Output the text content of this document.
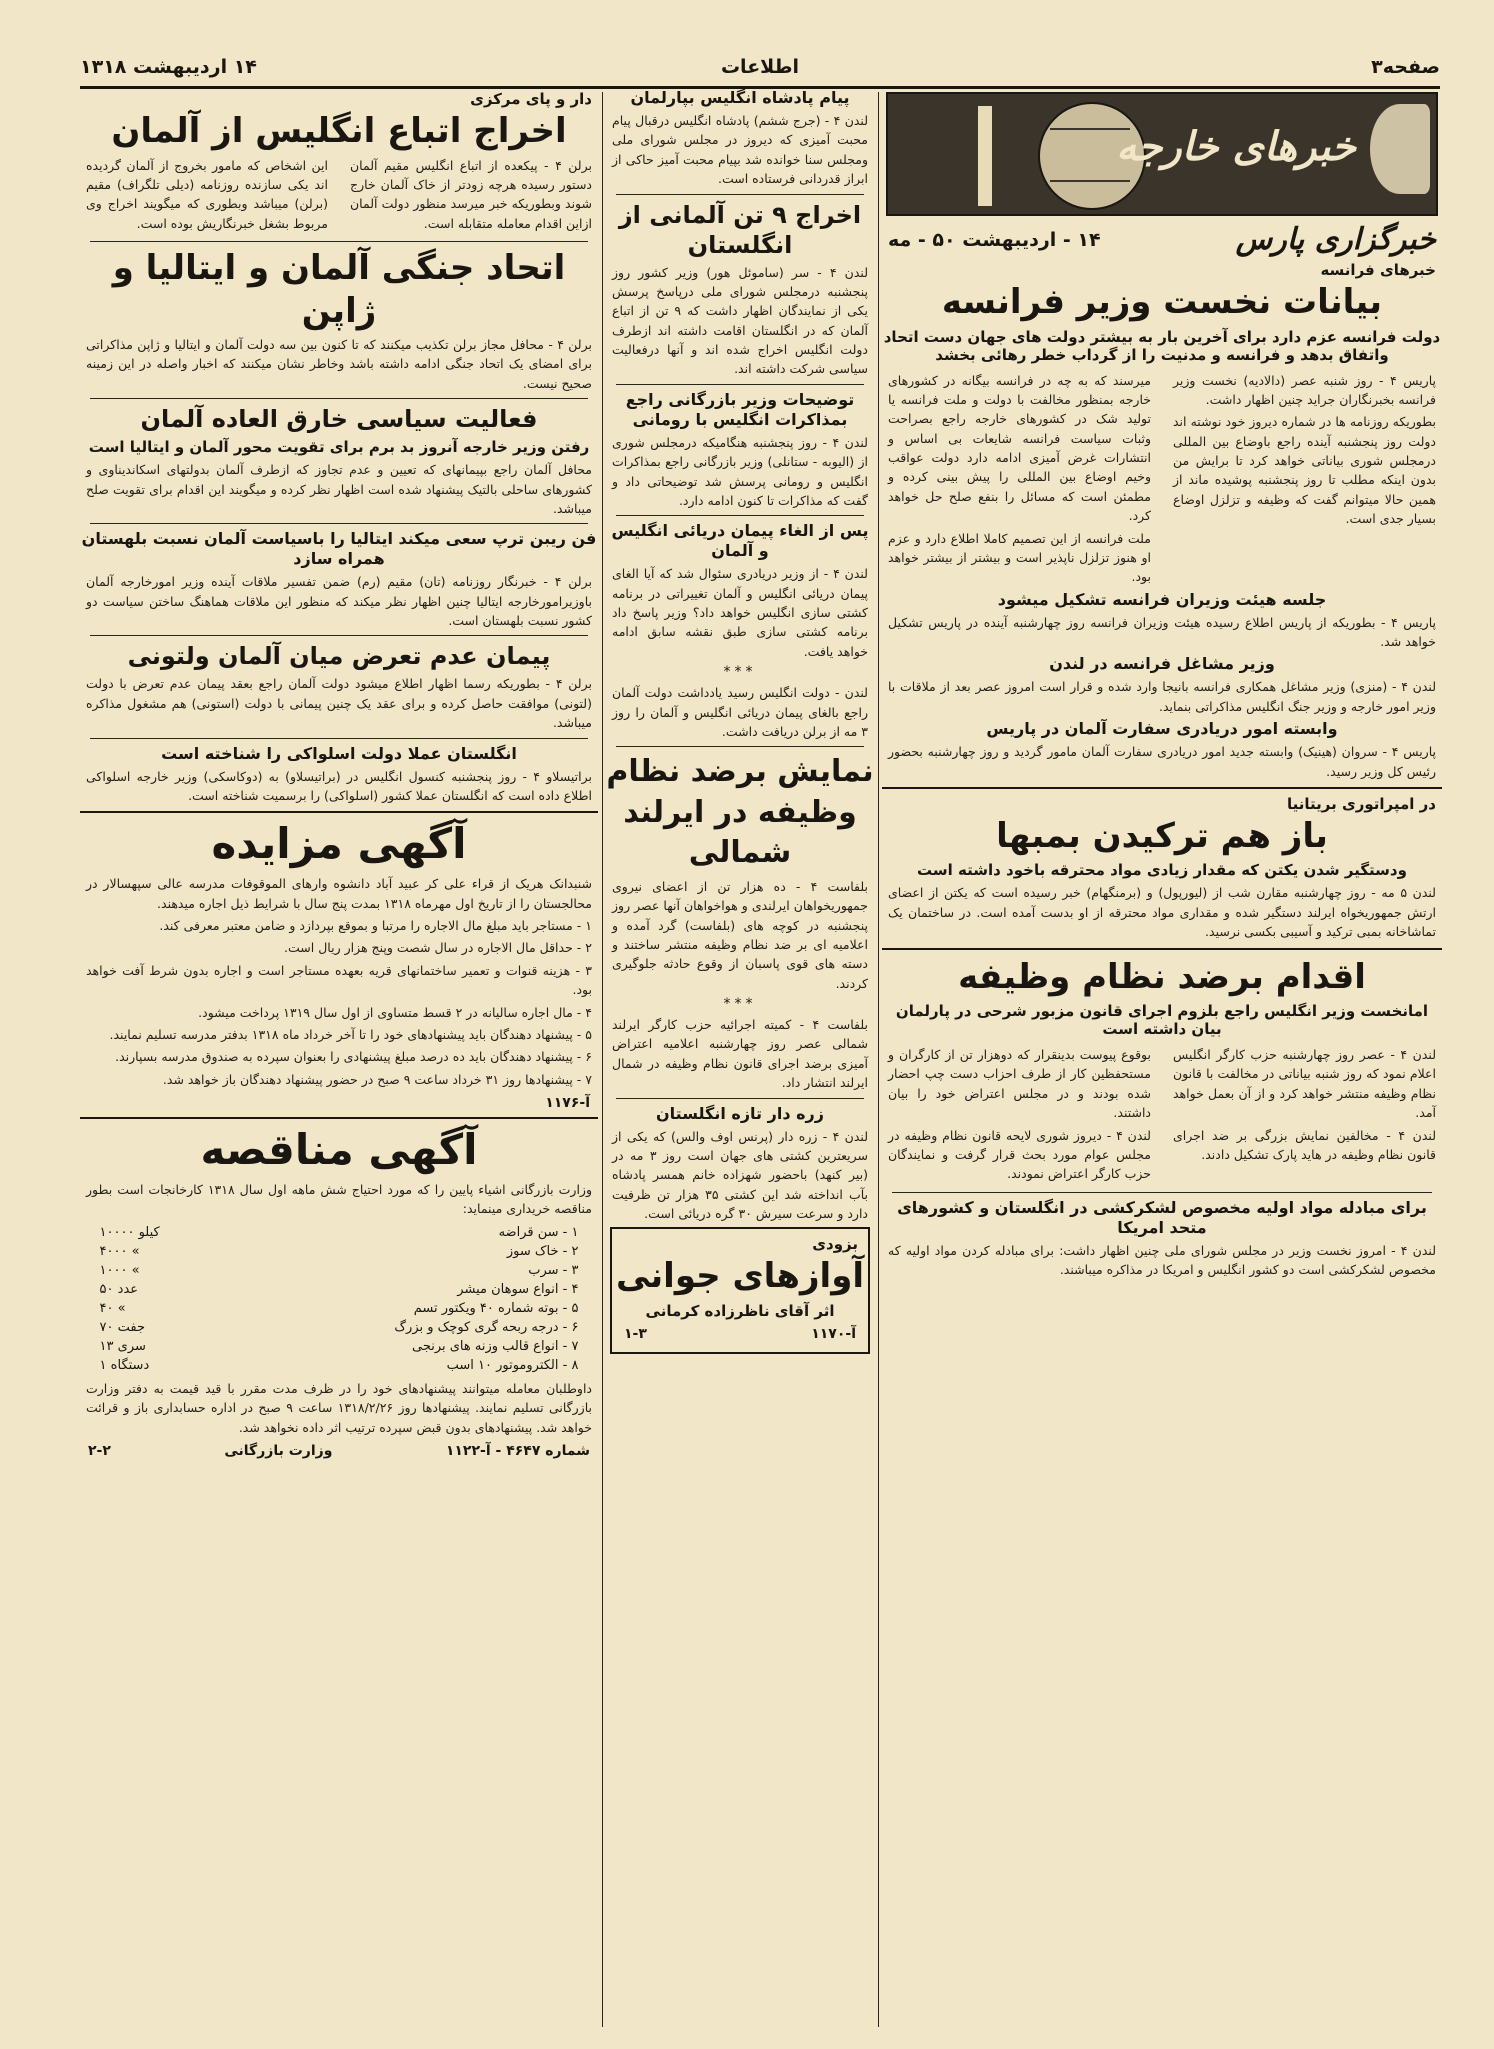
صفحه۳
اطلاعات
۱۴ اردیبهشت ۱۳۱۸
خبرهای خارجه
خبرگزاری پارس
۱۴ - اردیبهشت ۵۰ - مه
خبرهای فرانسه
بیانات نخست وزیر فرانسه
دولت فرانسه عزم دارد برای آخرین بار به بیشتر دولت های جهان دست اتحاد واتفاق بدهد و فرانسه و مدنیت را از گرداب خطر رهائی بخشد

پاریس ۴ - روز شنبه عصر (دالادیه) نخست وزیر فرانسه بخبرنگاران جراید چنین اظهار داشت.

بطوریکه روزنامه ها در شماره دیروز خود نوشته اند دولت روز پنجشنبه آینده راجع باوضاع بین المللی درمجلس شوری بیاناتی خواهد کرد تا برایش من بدون اینکه مطلب تا روز پنجشنبه پوشیده ماند از همین حالا میتوانم گفت که وظیفه و تزلزل اوضاع بسیار جدی است.

میرسند که به چه در فرانسه بیگانه در کشورهای خارجه بمنظور مخالفت با دولت و ملت فرانسه یا تولید شک در کشورهای خارجه راجع بصراحت وثبات سیاست فرانسه شایعات بی اساس و انتشارات غرض آمیزی ادامه دارد دولت عواقب وخیم اوضاع بین المللی را پیش بینی کرده و مطمئن است که مسائل را بنفع صلح حل خواهد کرد.

ملت فرانسه از این تصمیم کاملا اطلاع دارد و عزم او هنوز تزلزل ناپذیر است و بیشتر از بیشتر خواهد بود.

جلسه هیئت وزیران فرانسه تشکیل میشود

پاریس ۴ - بطوریکه از پاریس اطلاع رسیده هیئت وزیران فرانسه روز چهارشنبه آینده در پاریس تشکیل خواهد شد.

وزیر مشاغل فرانسه در لندن

لندن ۴ - (منزی) وزیر مشاغل همکاری فرانسه بانیجا وارد شده و قرار است امروز عصر بعد از ملاقات با وزیر امور خارجه و وزیر جنگ انگلیس مذاکراتی بنماید.

وابسته امور دریادری سفارت آلمان در پاریس

پاریس ۴ - سروان (هینیک) وابسته جدید امور دریادری سفارت آلمان مامور گردید و روز چهارشنبه بحضور رئیس کل وزیر رسید.

در امپراتوری بریتانیا
باز هم ترکیدن بمبها
ودستگیر شدن یکتن که مقدار زیادی مواد محترقه باخود داشته است

لندن ۵ مه - روز چهارشنبه مقارن شب از (لیورپول) و (برمنگهام) خبر رسیده است که یکتن از اعضای ارتش جمهوریخواه ایرلند دستگیر شده و مقداری مواد محترقه از او بدست آمده است. در ساختمان یک تماشاخانه بمبی ترکید و آسیبی بکسی نرسید.

اقدام برضد نظام وظیفه
امانخست وزیر انگلیس راجع بلزوم اجرای قانون مزبور شرحی در پارلمان بیان داشته است

لندن ۴ - عصر روز چهارشنبه حزب کارگر انگلیس اعلام نمود که روز شنبه بیاناتی در مخالفت با قانون نظام وظیفه منتشر خواهد کرد و از آن بعمل خواهد آمد.

لندن ۴ - مخالفین نمایش بزرگی بر ضد اجرای قانون نظام وظیفه در هاید پارک تشکیل دادند.

بوقوع پیوست بدینقرار که دوهزار تن از کارگران و مستحفظین کار از طرف احزاب دست چپ احضار شده بودند و در مجلس اعتراض خود را بیان داشتند.

لندن ۴ - دیروز شوری لایحه قانون نظام وظیفه در مجلس عوام مورد بحث قرار گرفت و نمایندگان حزب کارگر اعتراض نمودند.

برای مبادله مواد اولیه مخصوص لشکرکشی در انگلستان و کشورهای متحد امریکا

لندن ۴ - امروز نخست وزیر در مجلس شورای ملی چنین اظهار داشت: برای مبادله کردن مواد اولیه که مخصوص لشکرکشی است دو کشور انگلیس و امریکا در مذاکره میباشند.

پیام پادشاه انگلیس بپارلمان

لندن ۴ - (جرج ششم) پادشاه انگلیس درقبال پیام محبت آمیزی که دیروز در مجلس شورای ملی ومجلس سنا خوانده شد بپیام محبت آمیز حاکی از ابراز قدردانی فرستاده است.

اخراج ۹ تن آلمانی از انگلستان

لندن ۴ - سر (ساموئل هور) وزیر کشور روز پنجشنبه درمجلس شورای ملی درپاسخ پرسش یکی از نمایندگان اظهار داشت که ۹ تن از اتباع آلمان که در انگلستان اقامت داشته اند ازطرف دولت انگلیس اخراج شده اند و آنها درفعالیت سیاسی شرکت داشته اند.

توضیحات وزیر بازرگانی راجع بمذاکرات انگلیس با رومانی

لندن ۴ - روز پنجشنبه هنگامیکه درمجلس شوری از (الیوبه - ستانلی) وزیر بازرگانی راجع بمذاکرات انگلیس و رومانی پرسش شد توضیحاتی داد و گفت که مذاکرات تا کنون ادامه دارد.

پس از الغاء پیمان دریائی انگلیس و آلمان

لندن ۴ - از وزیر دریادری سئوال شد که آیا الغای پیمان دریائی انگلیس و آلمان تغییراتی در برنامه کشتی سازی انگلیس خواهد داد؟ وزیر پاسخ داد برنامه کشتی سازی طبق نقشه سابق ادامه خواهد یافت.

***

لندن - دولت انگلیس رسید یادداشت دولت آلمان راجع بالغای پیمان دریائی انگلیس و آلمان را روز ۳ مه از برلن دریافت داشت.

نمایش برضد نظام وظیفه در ایرلند شمالی

بلفاست ۴ - ده هزار تن از اعضای نیروی جمهوریخواهان ایرلندی و هواخواهان آنها عصر روز پنجشنبه در کوچه های (بلفاست) گرد آمده و اعلامیه ای بر ضد نظام وظیفه منتشر ساختند و دسته های قوی پاسبان از وقوع حادثه جلوگیری کردند.

***

بلفاست ۴ - کمیته اجرائیه حزب کارگر ایرلند شمالی عصر روز چهارشنبه اعلامیه اعتراض آمیزی برضد اجرای قانون نظام وظیفه در شمال ایرلند انتشار داد.

زره دار تازه انگلستان

لندن ۴ - زره دار (پرنس اوف والس) که یکی از سریعترین کشتی های جهان است روز ۳ مه در (بیر کنهد) باحضور شهزاده خانم همسر پادشاه بآب انداخته شد این کشتی ۳۵ هزار تن ظرفیت دارد و سرعت سیرش ۳۰ گره دریائی است.

بزودی
آوازهای جوانی
اثر آقای ناظرزاده کرمانی
آ-۱۱۷۰
۱-۳
دار و پای مرکزی
اخراج اتباع انگلیس از آلمان

برلن ۴ - پیکعده از اتباع انگلیس مقیم آلمان دستور رسیده هرچه زودتر از خاک آلمان خارج شوند وبطوریکه خبر میرسد منظور دولت آلمان ازاین اقدام معامله متقابله است.

این اشخاص که مامور بخروج از آلمان گردیده اند یکی سازنده روزنامه (دیلی تلگراف) مقیم (برلن) میباشد وبطوری که میگویند اخراج وی مربوط بشغل خبرنگاریش بوده است.

اتحاد جنگی آلمان و ایتالیا و ژاپن

برلن ۴ - محافل مجاز برلن تکذیب میکنند که تا کنون بین سه دولت آلمان و ایتالیا و ژاپن مذاکراتی برای امضای یک اتحاد جنگی ادامه داشته باشد وخاطر نشان میکنند که اخبار واصله در این زمینه صحیح نیست.

فعالیت سیاسی خارق العاده آلمان
رفتن وزیر خارجه آنروز بد برم برای تقویت محور آلمان و ایتالیا است

محافل آلمان راجع بپیمانهای که تعیین و عدم تجاوز که ازطرف آلمان بدولتهای اسکاندیناوی و کشورهای ساحلی بالتیک پیشنهاد شده است اظهار نظر کرده و میگویند این اقدام برای تقویت صلح میباشد.

فن ریبن ترپ سعی میکند ایتالیا را باسیاست آلمان نسبت بلهستان همراه سازد

برلن ۴ - خبرنگار روزنامه (تان) مقیم (رم) ضمن تفسیر ملاقات آینده وزیر امورخارجه آلمان باوزیرامورخارجه ایتالیا چنین اظهار نظر میکند که منظور این ملاقات هماهنگ ساختن سیاست دو کشور نسبت بلهستان است.

پیمان عدم تعرض میان آلمان ولتونی

برلن ۴ - بطوریکه رسما اظهار اطلاع میشود دولت آلمان راجع بعقد پیمان عدم تعرض با دولت (لتونی) موافقت حاصل کرده و برای عقد یک چنین پیمانی با دولت (استونی) هم مشغول مذاکره میباشد.

انگلستان عملا دولت اسلواکی را شناخته است

براتیسلاو ۴ - روز پنجشنبه کنسول انگلیس در (براتیسلاو) به (دوکاسکی) وزیر خارجه اسلواکی اطلاع داده است که انگلستان عملا کشور (اسلواکی) را برسمیت شناخته است.

آگهی مزایده

شنبدانک هریک از قراء علی کر عبید آباد دانشوه وارهای الموقوفات مدرسه عالی سپهسالار در محالجستان را از تاریخ اول مهرماه ۱۳۱۸ بمدت پنج سال با شرایط ذیل اجاره میدهند.

۱ - مستاجر باید مبلغ مال الاجاره را مرتبا و بموقع بپردازد و ضامن معتبر معرفی کند.

۲ - حداقل مال الاجاره در سال شصت وپنج هزار ریال است.

۳ - هزینه قنوات و تعمیر ساختمانهای قریه بعهده مستاجر است و اجاره بدون شرط آفت خواهد بود.

۴ - مال اجاره سالیانه در ۲ قسط متساوی از اول سال ۱۳۱۹ پرداخت میشود.

۵ - پیشنهاد دهندگان باید پیشنهادهای خود را تا آخر خرداد ماه ۱۳۱۸ بدفتر مدرسه تسلیم نمایند.

۶ - پیشنهاد دهندگان باید ده درصد مبلغ پیشنهادی را بعنوان سپرده به صندوق مدرسه بسپارند.

۷ - پیشنهادها روز ۳۱ خرداد ساعت ۹ صبح در حضور پیشنهاد دهندگان باز خواهد شد.

آ-۱۱۷۶
آگهی مناقصه

وزارت بازرگانی اشیاء پایین را که مورد احتیاج شش ماهه اول سال ۱۳۱۸ کارخانجات است بطور مناقصه خریداری مینماید:

۱ - سن قراضه	۱۰۰۰۰ کیلو
۲ - خاک سوز	۴۰۰۰ «
۳ - سرب	۱۰۰۰ «
۴ - انواع سوهان میشر	۵۰ عدد
۵ - بوته شماره ۴۰ ویکتور تسم	۴۰ «
۶ - درجه ربحه گری کوچک و بزرگ	۷۰ جفت
۷ - انواع قالب وزنه های برنجی	۱۳ سری
۸ - الکتروموتور ۱۰ اسب	۱ دستگاه

داوطلبان معامله میتوانند پیشنهادهای خود را در ظرف مدت مقرر با قید قیمت به دفتر وزارت بازرگانی تسلیم نمایند. پیشنهادها روز ۱۳۱۸/۲/۲۶ ساعت ۹ صبح در اداره حسابداری باز و قرائت خواهد شد. پیشنهادهای بدون قبض سپرده ترتیب اثر داده نخواهد شد.

شماره ۴۶۴۷ - آ-۱۱۲۲
وزارت بازرگانی
۲-۲
